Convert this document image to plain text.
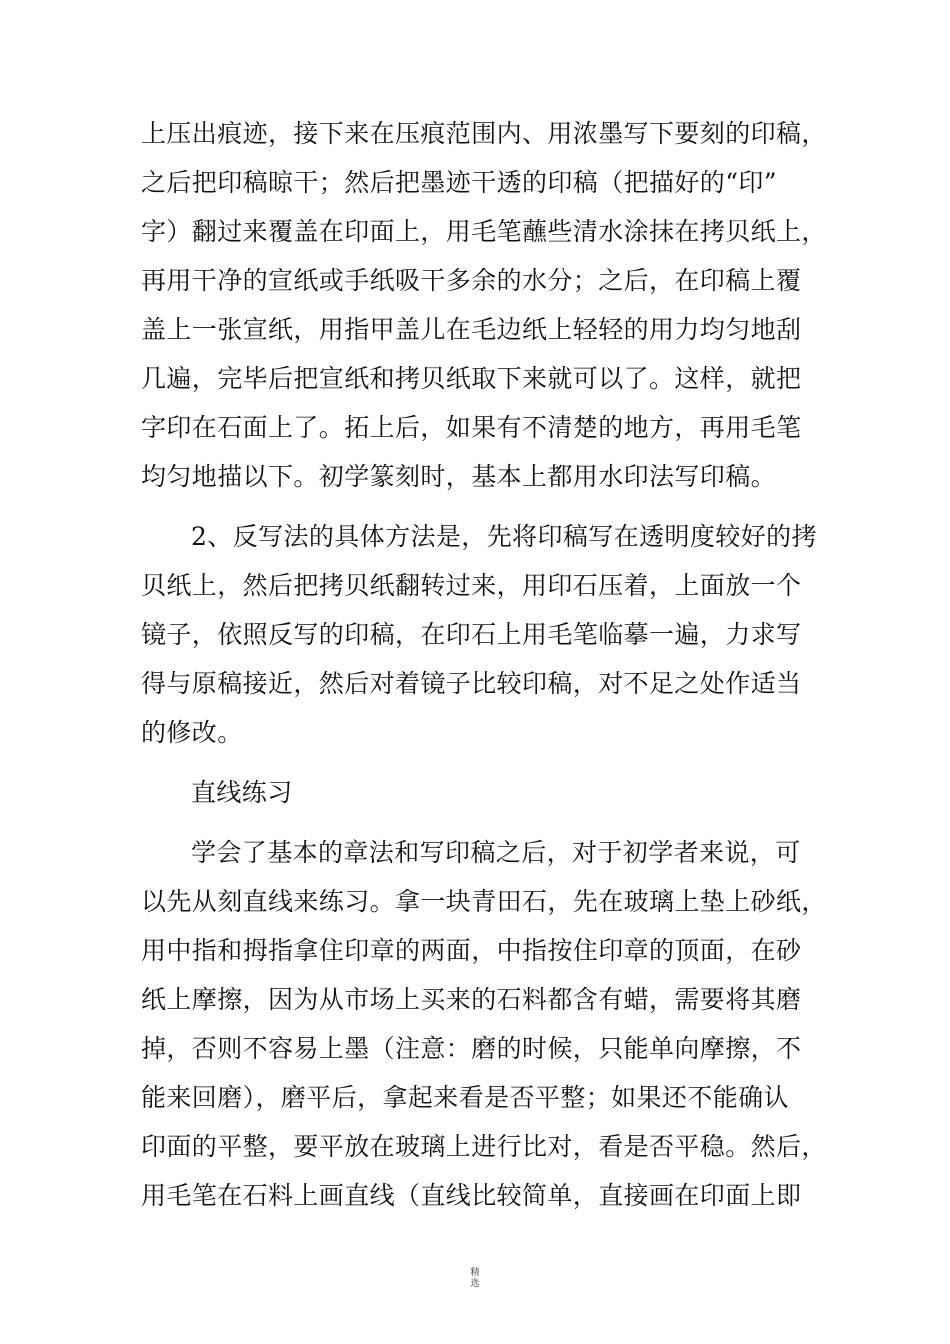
上压出痕迹，接下来在压痕范围内、用浓墨写下要刻的印稿，
之后把印稿晾干；然后把墨迹干透的印稿（把描好的“印”
字）翻过来覆盖在印面上，用毛笔蘸些清水涂抹在拷贝纸上，
再用干净的宣纸或手纸吸干多余的水分；之后，在印稿上覆
盖上一张宣纸，用指甲盖儿在毛边纸上轻轻的用力均匀地刮
几遍，完毕后把宣纸和拷贝纸取下来就可以了。这样，就把
字印在石面上了。拓上后，如果有不清楚的地方，再用毛笔
均匀地描以下。初学篆刻时，基本上都用水印法写印稿。
2、反写法的具体方法是，先将印稿写在透明度较好的拷
贝纸上，然后把拷贝纸翻转过来，用印石压着，上面放一个
镜子，依照反写的印稿，在印石上用毛笔临摹一遍，力求写
得与原稿接近，然后对着镜子比较印稿，对不足之处作适当
的修改。
直线练习
学会了基本的章法和写印稿之后，对于初学者来说，可
以先从刻直线来练习。拿一块青田石，先在玻璃上垫上砂纸，
用中指和拇指拿住印章的两面，中指按住印章的顶面，在砂
纸上摩擦，因为从市场上买来的石料都含有蜡，需要将其磨
掉，否则不容易上墨（注意：磨的时候，只能单向摩擦，不
能来回磨），磨平后，拿起来看是否平整；如果还不能确认
印面的平整，要平放在玻璃上进行比对，看是否平稳。然后，
用毛笔在石料上画直线（直线比较简单，直接画在印面上即
精
选
